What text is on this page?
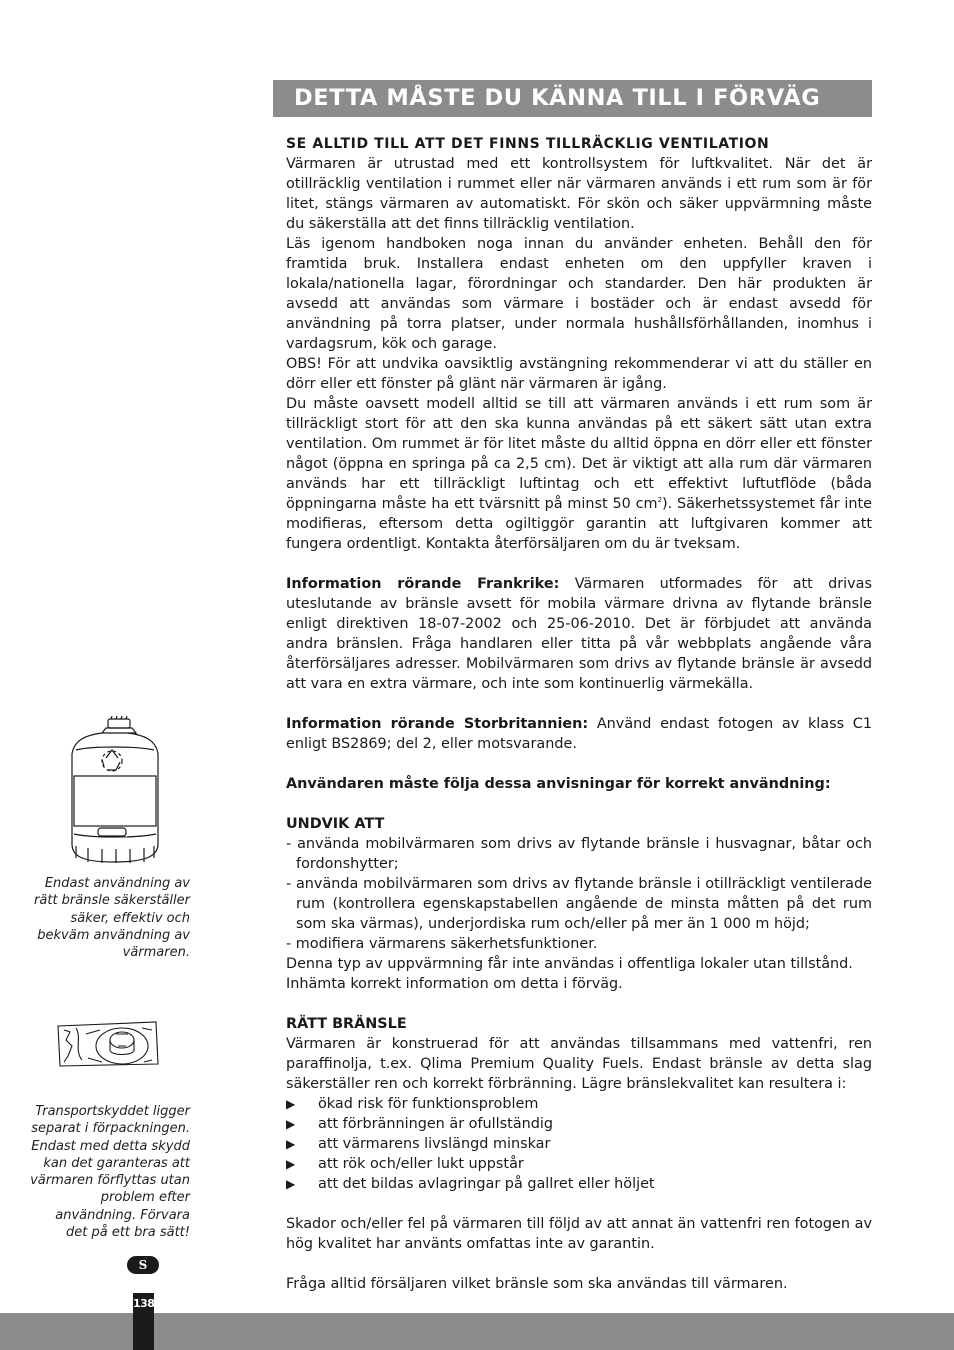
DETTA MÅSTE DU KÄNNA TILL I FÖRVÄG

SE ALLTID TILL ATT DET FINNS TILLRÄCKLIG VENTILATION

Värmaren är utrustad med ett kontrollsystem för luftkvalitet. När det är otillräcklig ventilation i rummet eller när värmaren används i ett rum som är för litet, stängs värmaren av automatiskt. För skön och säker uppvärmning måste du säkerställa att det finns tillräcklig ventilation.

Läs igenom handboken noga innan du använder enheten. Behåll den för framtida bruk. Installera endast enheten om den uppfyller kraven i lokala/nationella lagar, förordningar och standarder. Den här produkten är avsedd att användas som värmare i bostäder och är endast avsedd för användning på torra platser, under normala hushållsförhållanden, inomhus i vardagsrum, kök och garage.

OBS! För att undvika oavsiktlig avstängning rekommenderar vi att du ställer en dörr eller ett fönster på glänt när värmaren är igång.

Du måste oavsett modell alltid se till att värmaren används i ett rum som är tillräckligt stort för att den ska kunna användas på ett säkert sätt utan extra ventilation. Om rummet är för litet måste du alltid öppna en dörr eller ett fönster något (öppna en springa på ca 2,5 cm). Det är viktigt att alla rum där värmaren används har ett tillräckligt luftintag och ett effektivt luftutflöde (båda öppningarna måste ha ett tvärsnitt på minst 50 $cm^2$). Säkerhetssystemet får inte modifieras, eftersom detta ogiltiggör garantin att luftgivaren kommer att fungera ordentligt. Kontakta återförsäljaren om du är tveksam.

Information rörande Frankrike: Värmaren utformades för att drivas uteslutande av bränsle avsett för mobila värmare drivna av flytande bränsle enligt direktiven 18-07-2002 och 25-06-2010. Det är förbjudet att använda andra bränslen. Fråga handlaren eller titta på vår webbplats angående våra återförsäljares adresser. Mobilvärmaren som drivs av flytande bränsle är avsedd att vara en extra värmare, och inte som kontinuerlig värmekälla.

Information rörande Storbritannien: Använd endast fotogen av klass C1 enligt BS2869; del 2, eller motsvarande.

Användaren måste följa dessa anvisningar för korrekt användning:

UNDVIK ATT

- använda mobilvärmaren som drivs av flytande bränsle i husvagnar, båtar och fordonshytter;

- använda mobilvärmaren som drivs av flytande bränsle i otillräckligt ventilerade rum (kontrollera egenskapstabellen angående de minsta måtten på det rum som ska värmas), underjordiska rum och/eller på mer än 1 000 m höjd;

- modifiera värmarens säkerhetsfunktioner.

Denna typ av uppvärmning får inte användas i offentliga lokaler utan tillstånd. Inhämta korrekt information om detta i förväg.

RÄTT BRÄNSLE

Värmaren är konstruerad för att användas tillsammans med vattenfri, ren paraffinolja, t.ex. Qlima Premium Quality Fuels. Endast bränsle av detta slag säkerställer ren och korrekt förbränning. Lägre bränslekvalitet kan resultera i:

▶	ökad risk för funktionsproblem
▶	att förbränningen är ofullständig
▶	att värmarens livslängd minskar
▶	att rök och/eller lukt uppstår
▶	att det bildas avlagringar på gallret eller höljet

Skador och/eller fel på värmaren till följd av att annat än vattenfri ren fotogen av hög kvalitet har använts omfattas inte av garantin.

Fråga alltid försäljaren vilket bränsle som ska användas till värmaren.

Endast användning av rätt bränsle säkerställer säker, effektiv och bekväm användning av värmaren.
Transportskyddet ligger separat i förpackningen. Endast med detta skydd kan det garanteras att värmaren förflyttas utan problem efter användning. Förvara det på ett bra sätt!
S
138
